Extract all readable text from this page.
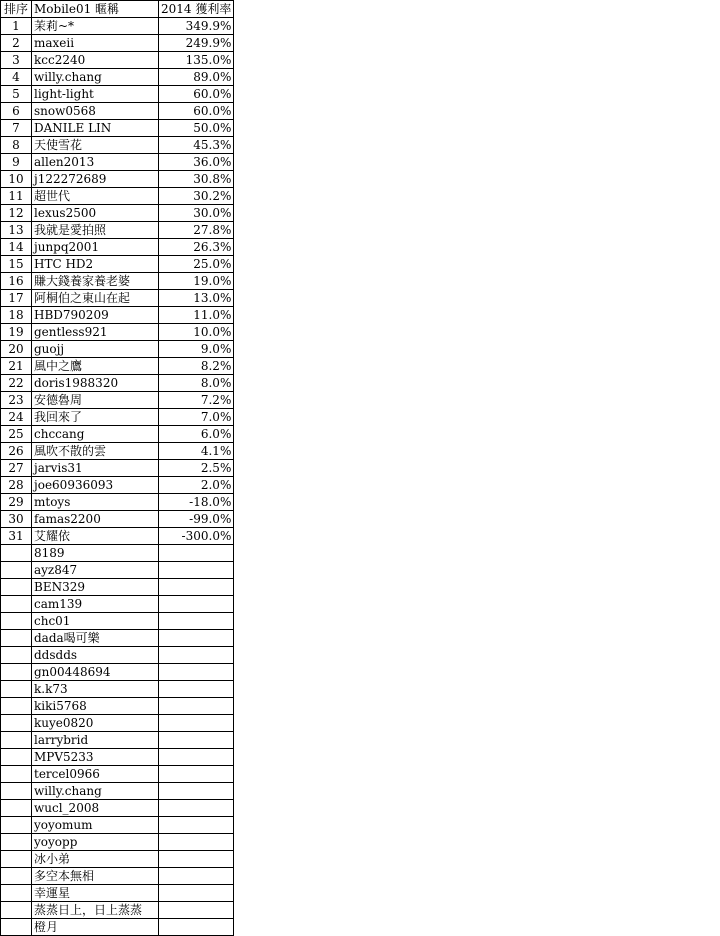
排序	Mobile01 暱稱	2014 獲利率
1	茉莉~*	349.9%
2	maxeii	249.9%
3	kcc2240	135.0%
4	willy.chang	89.0%
5	light-light	60.0%
6	snow0568	60.0%
7	DANILE LIN	50.0%
8	天使雪花	45.3%
9	allen2013	36.0%
10	j122272689	30.8%
11	超世代	30.2%
12	lexus2500	30.0%
13	我就是愛拍照	27.8%
14	junpq2001	26.3%
15	HTC HD2	25.0%
16	賺大錢養家養老婆	19.0%
17	阿桐伯之東山在起	13.0%
18	HBD790209	11.0%
19	gentless921	10.0%
20	guojj	9.0%
21	風中之鷹	8.2%
22	doris1988320	8.0%
23	安德魯周	7.2%
24	我回來了	7.0%
25	chccang	6.0%
26	風吹不散的雲	4.1%
27	jarvis31	2.5%
28	joe60936093	2.0%
29	mtoys	-18.0%
30	famas2200	-99.0%
31	艾耀依	-300.0%
	8189	
	ayz847	
	BEN329	
	cam139	
	chc01	
	dada喝可樂	
	ddsdds	
	gn00448694	
	k.k73	
	kiki5768	
	kuye0820	
	larrybrid	
	MPV5233	
	tercel0966	
	willy.chang	
	wucl_2008	
	yoyomum	
	yoyopp	
	冰小弟	
	多空本無相	
	幸運星	
	蒸蒸日上，日上蒸蒸	
	橙月	
